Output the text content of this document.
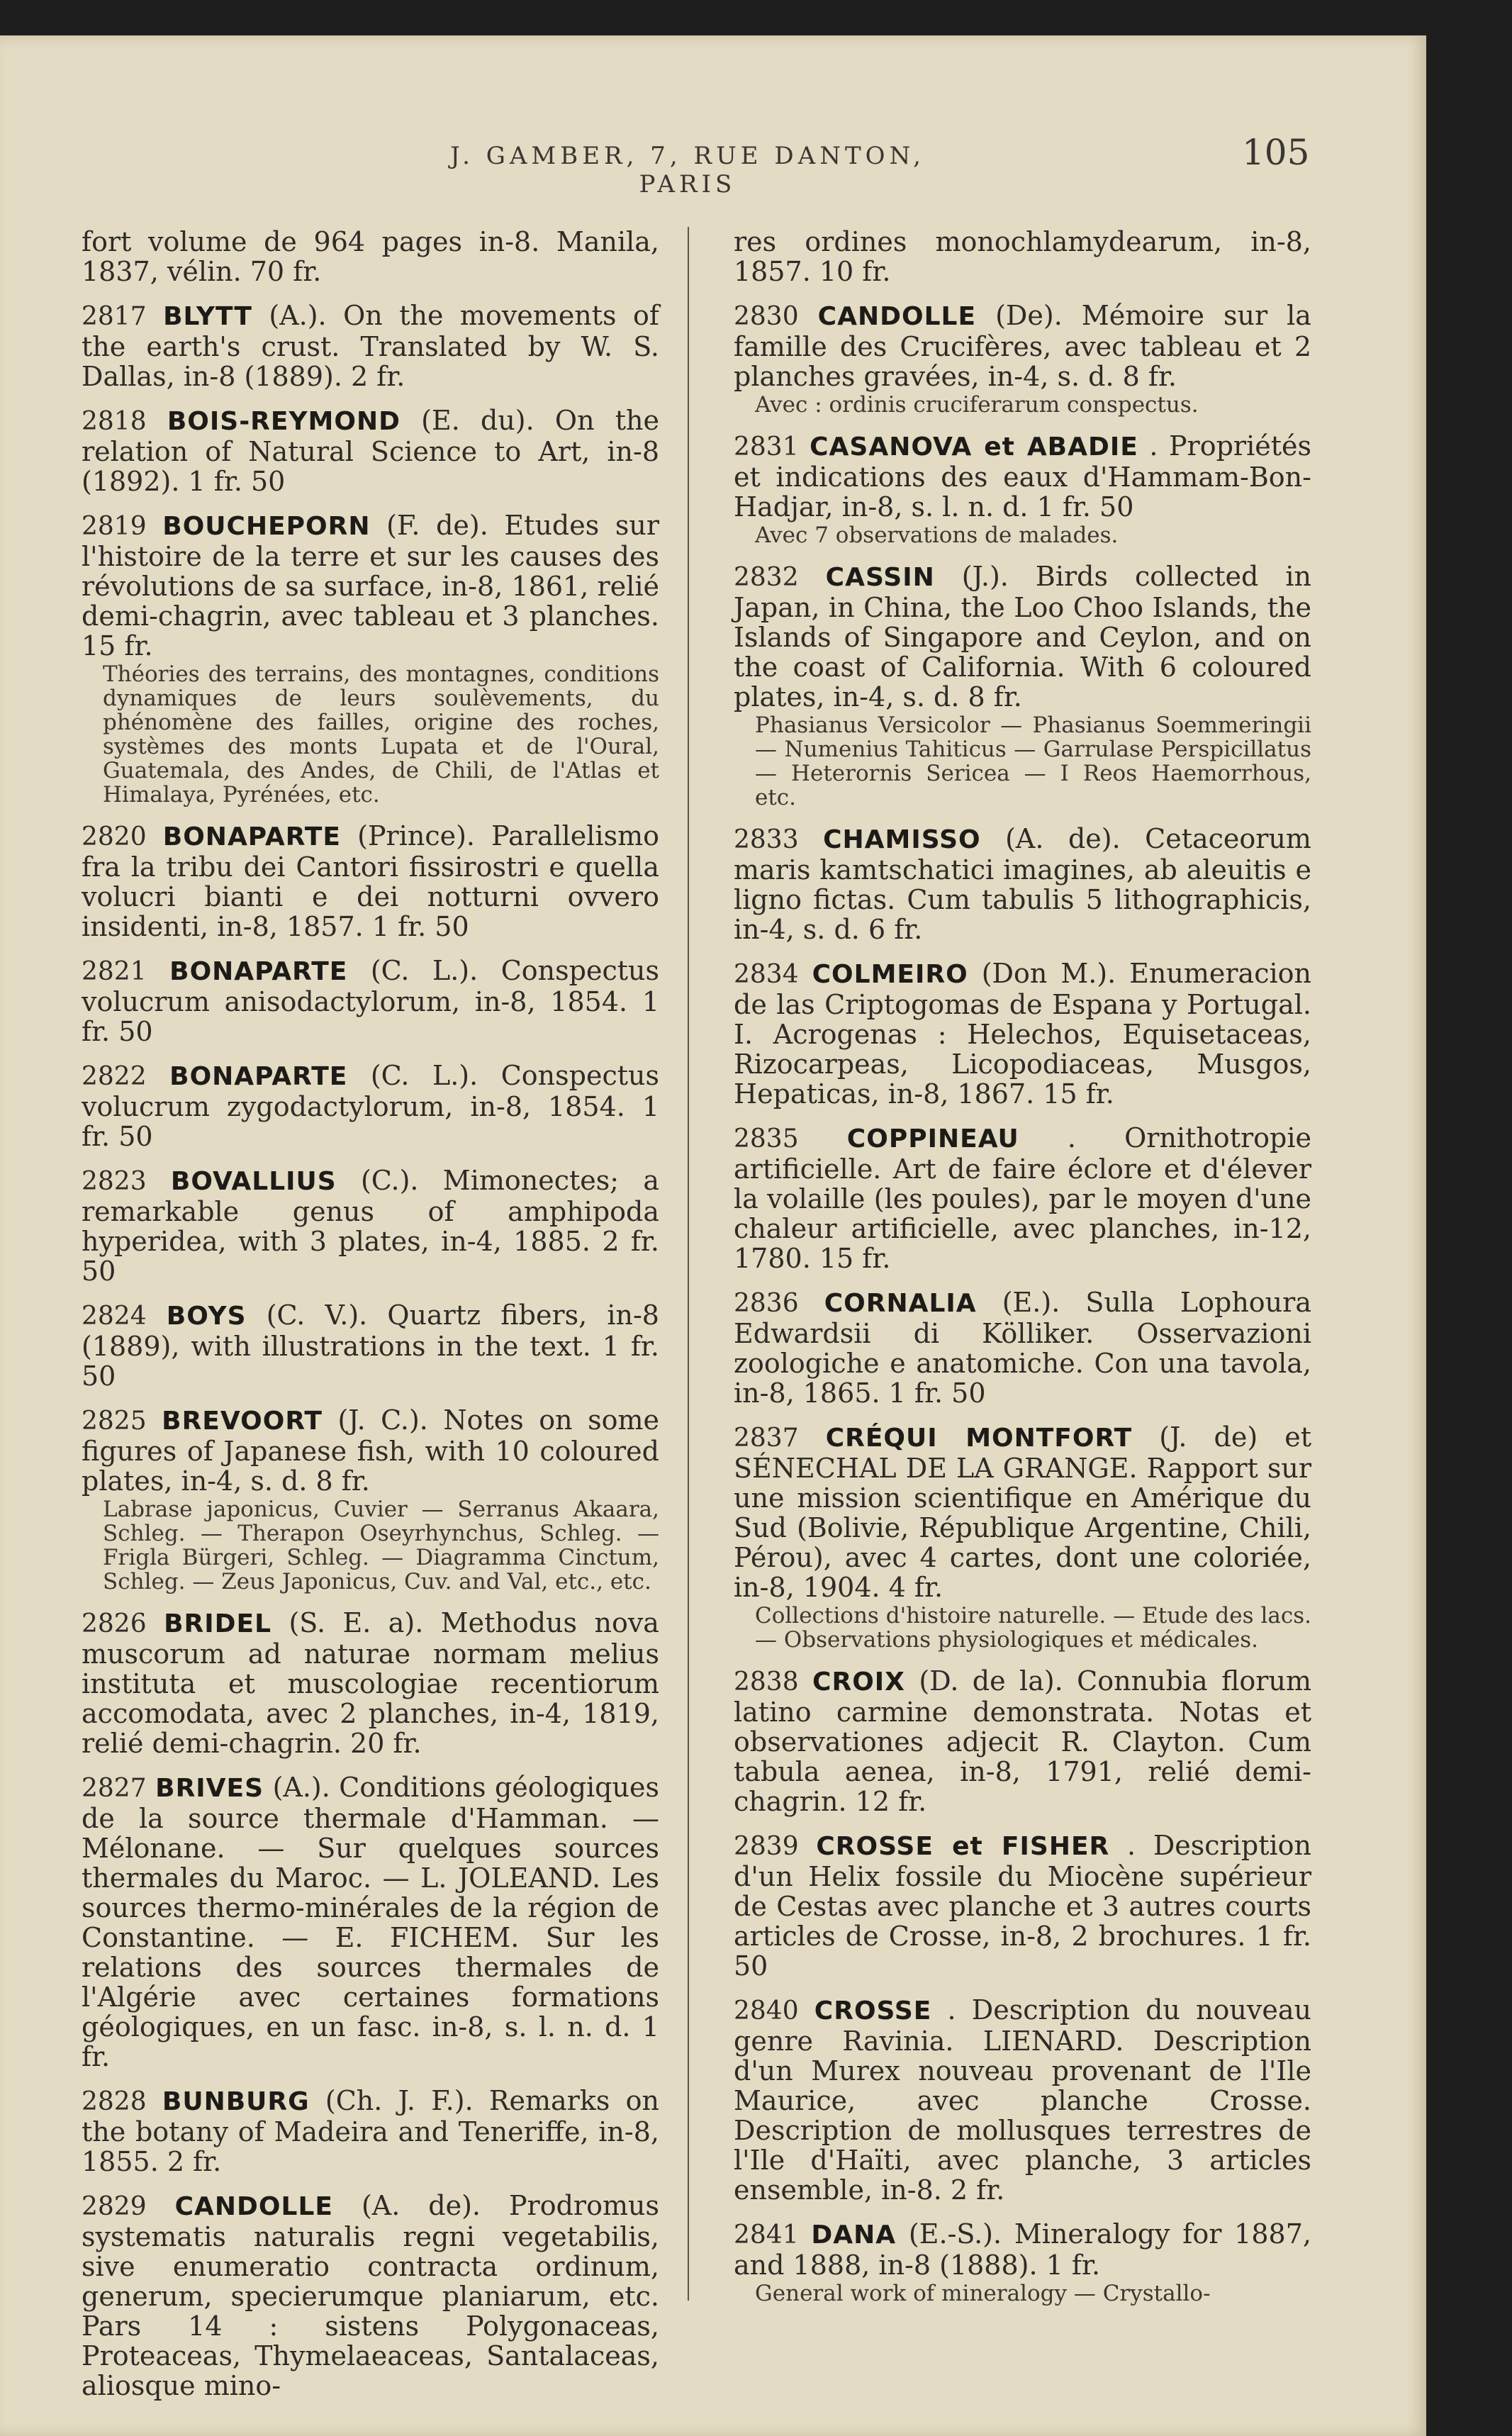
J. GAMBER, 7, RUE DANTON, PARIS
105
fort volume de 964 pages in-8. Manila, 1837, vélin. 70 fr.
2817 BLYTT (A.). On the movements of the earth's crust. Translated by W. S. Dallas, in-8 (1889). 2 fr.
2818 BOIS-REYMOND (E. du). On the relation of Natural Science to Art, in-8 (1892). 1 fr. 50
2819 BOUCHEPORN (F. de). Etudes sur l'histoire de la terre et sur les causes des révolutions de sa surface, in-8, 1861, relié demi-chagrin, avec tableau et 3 planches. 15 fr.
Théories des terrains, des montagnes, conditions dynamiques de leurs soulèvements, du phénomène des failles, origine des roches, systèmes des monts Lupata et de l'Oural, Guatemala, des Andes, de Chili, de l'Atlas et Himalaya, Pyrénées, etc.
2820 BONAPARTE (Prince). Parallelismo fra la tribu dei Cantori fissirostri e quella volucri bianti e dei notturni ovvero insidenti, in-8, 1857. 1 fr. 50
2821 BONAPARTE (C. L.). Conspectus volucrum anisodactylorum, in-8, 1854. 1 fr. 50
2822 BONAPARTE (C. L.). Conspectus volucrum zygodactylorum, in-8, 1854. 1 fr. 50
2823 BOVALLIUS (C.). Mimonectes; a remarkable genus of amphipoda hyperidea, with 3 plates, in-4, 1885. 2 fr. 50
2824 BOYS (C. V.). Quartz fibers, in-8 (1889), with illustrations in the text. 1 fr. 50
2825 BREVOORT (J. C.). Notes on some figures of Japanese fish, with 10 coloured plates, in-4, s. d. 8 fr.
Labrase japonicus, Cuvier — Serranus Akaara, Schleg. — Therapon Oseyrhynchus, Schleg. — Frigla Bürgeri, Schleg. — Diagramma Cinctum, Schleg. — Zeus Japonicus, Cuv. and Val, etc., etc.
2826 BRIDEL (S. E. a). Methodus nova muscorum ad naturae normam melius instituta et muscologiae recentiorum accomodata, avec 2 planches, in-4, 1819, relié demi-chagrin. 20 fr.
2827 BRIVES (A.). Conditions géologiques de la source thermale d'Hamman. — Mélonane. — Sur quelques sources thermales du Maroc. — L. JOLEAND. Les sources thermo-minérales de la région de Constantine. — E. FICHEM. Sur les relations des sources thermales de l'Algérie avec certaines formations géologiques, en un fasc. in-8, s. l. n. d. 1 fr.
2828 BUNBURG (Ch. J. F.). Remarks on the botany of Madeira and Teneriffe, in-8, 1855. 2 fr.
2829 CANDOLLE (A. de). Prodromus systematis naturalis regni vegetabilis, sive enumeratio contracta ordinum, generum, specierumque planiarum, etc. Pars 14 : sistens Polygonaceas, Proteaceas, Thymelaeaceas, Santalaceas, aliosque mino-
res ordines monochlamydearum, in-8, 1857. 10 fr.
2830 CANDOLLE (De). Mémoire sur la famille des Crucifères, avec tableau et 2 planches gravées, in-4, s. d. 8 fr.
Avec : ordinis cruciferarum conspectus.
2831 CASANOVA et ABADIE . Propriétés et indications des eaux d'Hammam-Bon-Hadjar, in-8, s. l. n. d. 1 fr. 50
Avec 7 observations de malades.
2832 CASSIN (J.). Birds collected in Japan, in China, the Loo Choo Islands, the Islands of Singapore and Ceylon, and on the coast of California. With 6 coloured plates, in-4, s. d. 8 fr.
Phasianus Versicolor — Phasianus Soemmeringii — Numenius Tahiticus — Garrulase Perspicillatus — Heterornis Sericea — I Reos Haemorrhous, etc.
2833 CHAMISSO (A. de). Cetaceorum maris kamtschatici imagines, ab aleuitis e ligno fictas. Cum tabulis 5 lithographicis, in-4, s. d. 6 fr.
2834 COLMEIRO (Don M.). Enumeracion de las Criptogomas de Espana y Portugal. I. Acrogenas : Helechos, Equisetaceas, Rizocarpeas, Licopodiaceas, Musgos, Hepaticas, in-8, 1867. 15 fr.
2835 COPPINEAU . Ornithotropie artificielle. Art de faire éclore et d'élever la volaille (les poules), par le moyen d'une chaleur artificielle, avec planches, in-12, 1780. 15 fr.
2836 CORNALIA (E.). Sulla Lophoura Edwardsii di Kölliker. Osservazioni zoologiche e anatomiche. Con una tavola, in-8, 1865. 1 fr. 50
2837 CRÉQUI MONTFORT (J. de) et SÉNECHAL DE LA GRANGE. Rapport sur une mission scientifique en Amérique du Sud (Bolivie, République Argentine, Chili, Pérou), avec 4 cartes, dont une coloriée, in-8, 1904. 4 fr.
Collections d'histoire naturelle. — Etude des lacs. — Observations physiologiques et médicales.
2838 CROIX (D. de la). Connubia florum latino carmine demonstrata. Notas et observationes adjecit R. Clayton. Cum tabula aenea, in-8, 1791, relié demi-chagrin. 12 fr.
2839 CROSSE et FISHER . Description d'un Helix fossile du Miocène supérieur de Cestas avec planche et 3 autres courts articles de Crosse, in-8, 2 brochures. 1 fr. 50
2840 CROSSE . Description du nouveau genre Ravinia. LIENARD. Description d'un Murex nouveau provenant de l'Ile Maurice, avec planche Crosse. Description de mollusques terrestres de l'Ile d'Haïti, avec planche, 3 articles ensemble, in-8. 2 fr.
2841 DANA (E.-S.). Mineralogy for 1887, and 1888, in-8 (1888). 1 fr.
General work of mineralogy — Crystallo-
